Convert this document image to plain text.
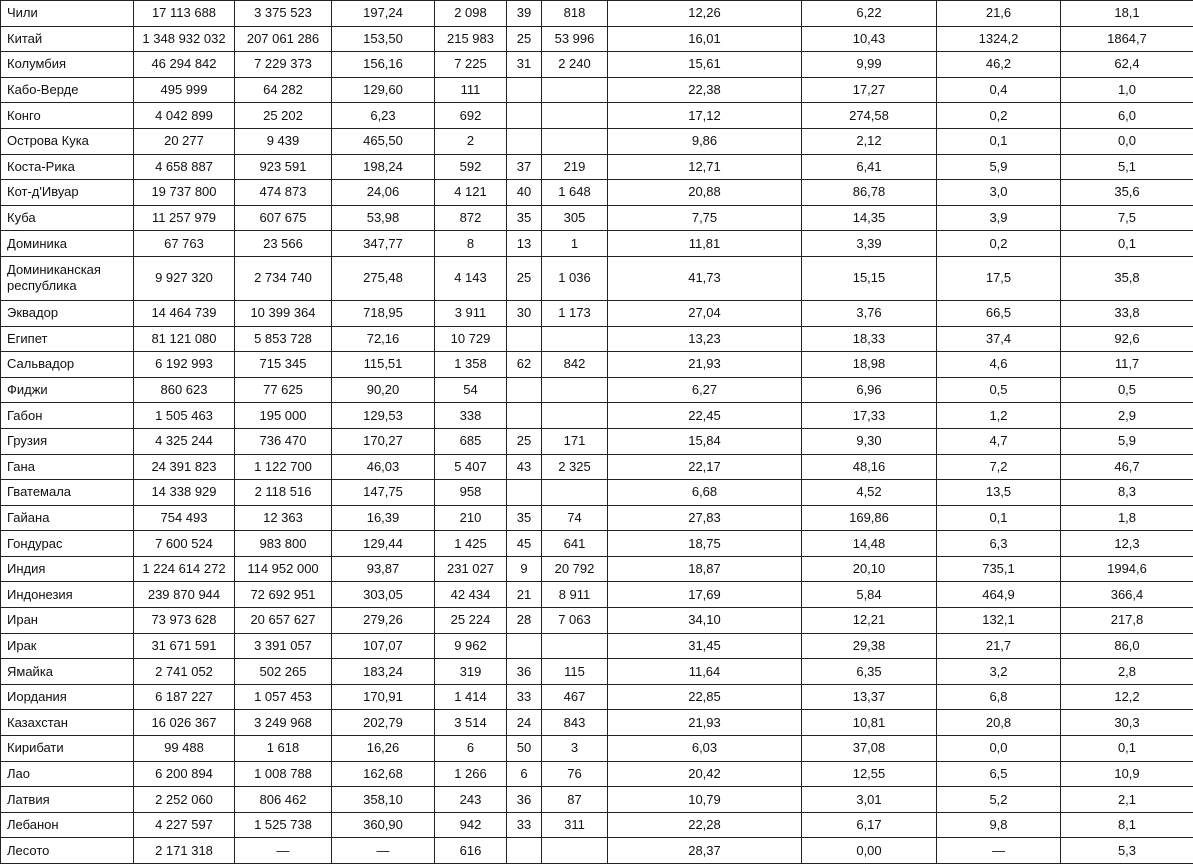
Чили	17 113 688	3 375 523	197,24	2 098	39	818	12,26	6,22	21,6	18,1
Китай	1 348 932 032	207 061 286	153,50	215 983	25	53 996	16,01	10,43	1324,2	1864,7
Колумбия	46 294 842	7 229 373	156,16	7 225	31	2 240	15,61	9,99	46,2	62,4
Кабо-Верде	495 999	64 282	129,60	111			22,38	17,27	0,4	1,0
Конго	4 042 899	25 202	6,23	692			17,12	274,58	0,2	6,0
Острова Кука	20 277	9 439	465,50	2			9,86	2,12	0,1	0,0
Коста-Рика	4 658 887	923 591	198,24	592	37	219	12,71	6,41	5,9	5,1
Кот-д'Ивуар	19 737 800	474 873	24,06	4 121	40	1 648	20,88	86,78	3,0	35,6
Куба	11 257 979	607 675	53,98	872	35	305	7,75	14,35	3,9	7,5
Доминика	67 763	23 566	347,77	8	13	1	11,81	3,39	0,2	0,1
Доминиканская республика	9 927 320	2 734 740	275,48	4 143	25	1 036	41,73	15,15	17,5	35,8
Эквадор	14 464 739	10 399 364	718,95	3 911	30	1 173	27,04	3,76	66,5	33,8
Египет	81 121 080	5 853 728	72,16	10 729			13,23	18,33	37,4	92,6
Сальвадор	6 192 993	715 345	115,51	1 358	62	842	21,93	18,98	4,6	11,7
Фиджи	860 623	77 625	90,20	54			6,27	6,96	0,5	0,5
Габон	1 505 463	195 000	129,53	338			22,45	17,33	1,2	2,9
Грузия	4 325 244	736 470	170,27	685	25	171	15,84	9,30	4,7	5,9
Гана	24 391 823	1 122 700	46,03	5 407	43	2 325	22,17	48,16	7,2	46,7
Гватемала	14 338 929	2 118 516	147,75	958			6,68	4,52	13,5	8,3
Гайана	754 493	12 363	16,39	210	35	74	27,83	169,86	0,1	1,8
Гондурас	7 600 524	983 800	129,44	1 425	45	641	18,75	14,48	6,3	12,3
Индия	1 224 614 272	114 952 000	93,87	231 027	9	20 792	18,87	20,10	735,1	1994,6
Индонезия	239 870 944	72 692 951	303,05	42 434	21	8 911	17,69	5,84	464,9	366,4
Иран	73 973 628	20 657 627	279,26	25 224	28	7 063	34,10	12,21	132,1	217,8
Ирак	31 671 591	3 391 057	107,07	9 962			31,45	29,38	21,7	86,0
Ямайка	2 741 052	502 265	183,24	319	36	115	11,64	6,35	3,2	2,8
Иордания	6 187 227	1 057 453	170,91	1 414	33	467	22,85	13,37	6,8	12,2
Казахстан	16 026 367	3 249 968	202,79	3 514	24	843	21,93	10,81	20,8	30,3
Кирибати	99 488	1 618	16,26	6	50	3	6,03	37,08	0,0	0,1
Лао	6 200 894	1 008 788	162,68	1 266	6	76	20,42	12,55	6,5	10,9
Латвия	2 252 060	806 462	358,10	243	36	87	10,79	3,01	5,2	2,1
Лебанон	4 227 597	1 525 738	360,90	942	33	311	22,28	6,17	9,8	8,1
Лесото	2 171 318	—	—	616			28,37	0,00	—	5,3
